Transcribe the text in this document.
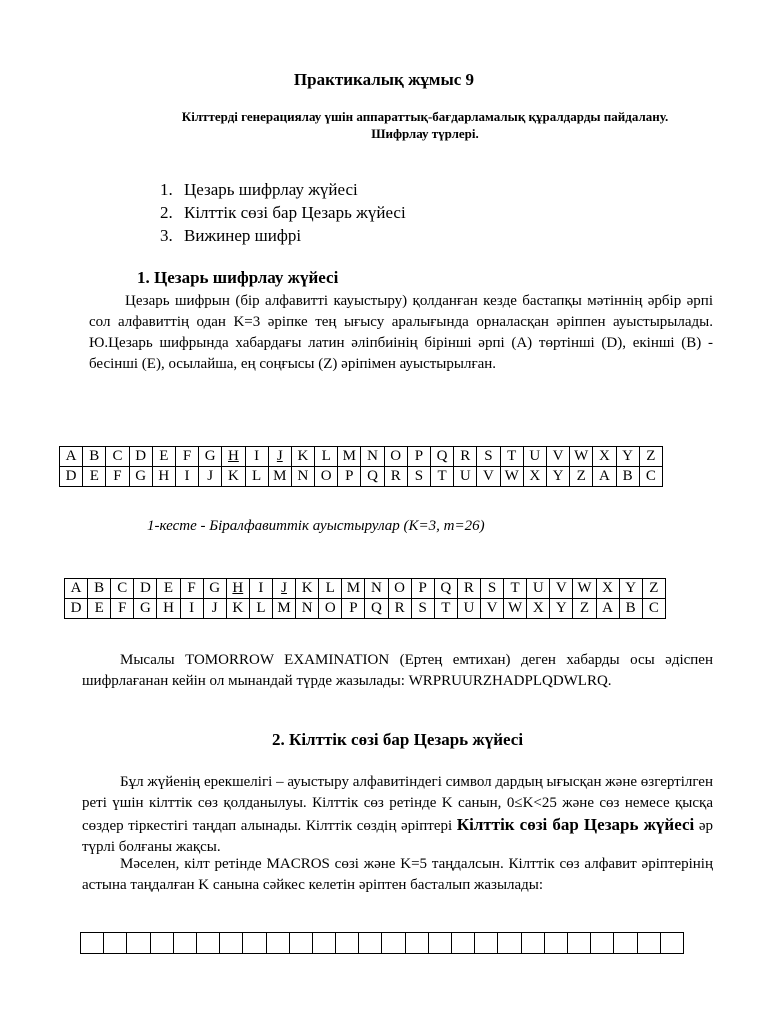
Практикалық жұмыс 9
Кілттерді генерациялау үшін аппараттық-бағдарламалық құралдарды пайдалану. Шифрлау түрлері.
1. Цезарь шифрлау жүйесі
2. Кілттік сөзі бар Цезарь жүйесі
3. Вижинер шифрі
1. Цезарь шифрлау жүйесі

Цезарь шифрын (бір алфавитті кауыстыру) қолданған кезде бастапқы мәтіннің әрбір әрпі сол алфавиттің одан K=3 әріпке тең ығысу аралығында орналасқан әріппен ауыстырылады. Ю.Цезарь шифрында хабардағы латин әліпбиінің бірінші әрпі (А) төртінші (D), екінші (В) - бесінші (Е), осылайша, ең соңғысы (Z) әріпімен ауыстырылған.

A	B	C	D	E	F	G	H	I	J	K	L	M	N	O	P	Q	R	S	T	U	V	W	X	Y	Z
D	E	F	G	H	I	J	K	L	M	N	O	P	Q	R	S	T	U	V	W	X	Y	Z	A	B	C
1-кесте - Біралфавиттік ауыстырулар (K=3, m=26)
A	B	C	D	E	F	G	H	I	J	K	L	M	N	O	P	Q	R	S	T	U	V	W	X	Y	Z
D	E	F	G	H	I	J	K	L	M	N	O	P	Q	R	S	T	U	V	W	X	Y	Z	A	B	C

Мысалы TOMORROW EXAMINATION (Ертең емтихан) деген хабарды осы әдіспен шифрлағанан кейін ол мынандай түрде жазылады: WRPRUURZHADPLQDWLRQ.

2. Кілттік сөзі бар Цезарь жүйесі

Бұл жүйенің ерекшелігі – ауыстыру алфавитіндегі символ дардың ығысқан және өзгертілген реті үшін кілттік сөз қолданылуы. Кілттік сөз ретінде K санын, 0≤K<25 және сөз немесе қысқа сөздер тіркестігі таңдап алынады. Кілттік сөздің әріптері Кілттік сөзі бар Цезарь жүйесі әр түрлі болғаны жақсы.

Мәселен, кілт ретінде MACROS сөзі және K=5 таңдалсын. Кілттік сөз алфавит әріптерінің астына таңдалған K санына сәйкес келетін әріптен басталып жазылады:
